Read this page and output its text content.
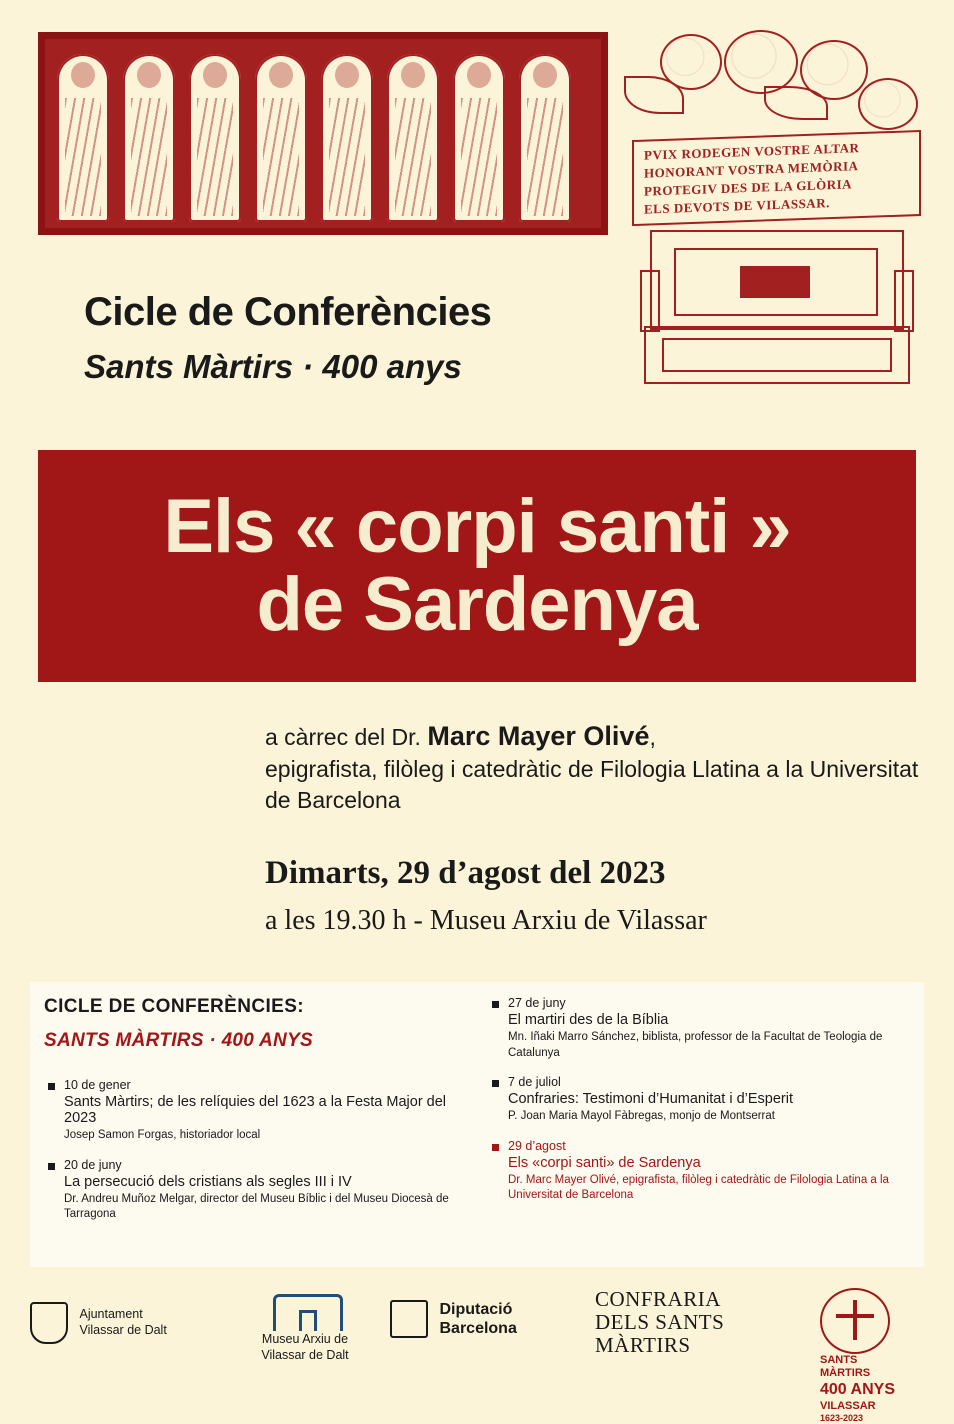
PVIX RODEGEN VOSTRE ALTAR
HONORANT VOSTRA MEMÒRIA
PROTEGIV DES DE LA GLÒRIA
ELS DEVOTS DE VILASSAR.
Cicle de Conferències
Sants Màrtirs · 400 anys
Els « corpi santi »
de Sardenya
a càrrec del Dr. Marc Mayer Olivé,
epigrafista, filòleg i catedràtic de Filologia Llatina a la Universitat de Barcelona
Dimarts, 29 d’agost del 2023
a les 19.30 h - Museu Arxiu de Vilassar
CICLE DE CONFERÈNCIES:
SANTS MÀRTIRS · 400 ANYS
10 de gener
Sants Màrtirs; de les relíquies del 1623 a la Festa Major del 2023
Josep Samon Forgas, historiador local
20 de juny
La persecució dels cristians als segles III i IV
Dr. Andreu Muñoz Melgar, director del Museu Bíblic i del Museu Diocesà de Tarragona
27 de juny
El martiri des de la Bíblia
Mn. Iñaki Marro Sánchez, biblista, professor de la Facultat de Teologia de Catalunya
7 de juliol
Confraries: Testimoni d’Humanitat i d’Esperit
P. Joan Maria Mayol Fàbregas, monjo de Montserrat
29 d’agost
Els «corpi santi» de Sardenya
Dr. Marc Mayer Olivé, epigrafista, filòleg i catedràtic de Filologia Latina a la Universitat de Barcelona

Ajuntament
Vilassar de Dalt
Museu Arxiu de
Vilassar de Dalt

Diputació
Barcelona
CONFRARIA
DELS SANTS
MÀRTIRS

SANTS
MÀRTIRS
400 ANYS
VILASSAR
1623-2023
